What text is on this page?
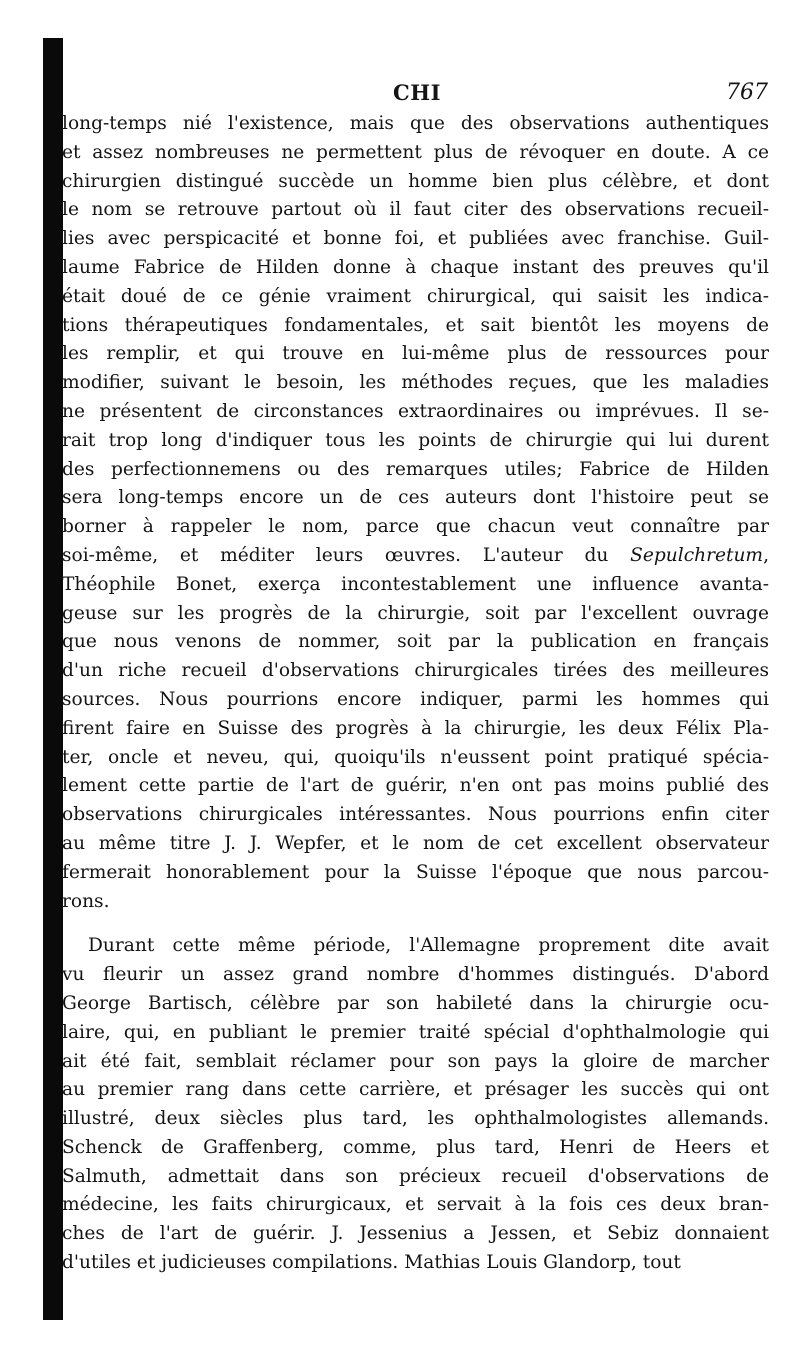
CHI	767
long-temps nié l'existence, mais que des observations authentiques
et assez nombreuses ne permettent plus de révoquer en doute. A ce
chirurgien distingué succède un homme bien plus célèbre, et dont
le nom se retrouve partout où il faut citer des observations recueil-
lies avec perspicacité et bonne foi, et publiées avec franchise. Guil-
laume Fabrice de Hilden donne à chaque instant des preuves qu'il
était doué de ce génie vraiment chirurgical, qui saisit les indica-
tions thérapeutiques fondamentales, et sait bientôt les moyens de
les remplir, et qui trouve en lui-même plus de ressources pour
modifier, suivant le besoin, les méthodes reçues, que les maladies
ne présentent de circonstances extraordinaires ou imprévues. Il se-
rait trop long d'indiquer tous les points de chirurgie qui lui durent
des perfectionnemens ou des remarques utiles; Fabrice de Hilden
sera long-temps encore un de ces auteurs dont l'histoire peut se
borner à rappeler le nom, parce que chacun veut connaître par
soi-même, et méditer leurs œuvres. L'auteur du Sepulchretum,
Théophile Bonet, exerça incontestablement une influence avanta-
geuse sur les progrès de la chirurgie, soit par l'excellent ouvrage
que nous venons de nommer, soit par la publication en français
d'un riche recueil d'observations chirurgicales tirées des meilleures
sources. Nous pourrions encore indiquer, parmi les hommes qui
firent faire en Suisse des progrès à la chirurgie, les deux Félix Pla-
ter, oncle et neveu, qui, quoiqu'ils n'eussent point pratiqué spécia-
lement cette partie de l'art de guérir, n'en ont pas moins publié des
observations chirurgicales intéressantes. Nous pourrions enfin citer
au même titre J. J. Wepfer, et le nom de cet excellent observateur
fermerait honorablement pour la Suisse l'époque que nous parcou-
rons.
Durant cette même période, l'Allemagne proprement dite avait
vu fleurir un assez grand nombre d'hommes distingués. D'abord
George Bartisch, célèbre par son habileté dans la chirurgie ocu-
laire, qui, en publiant le premier traité spécial d'ophthalmologie qui
ait été fait, semblait réclamer pour son pays la gloire de marcher
au premier rang dans cette carrière, et présager les succès qui ont
illustré, deux siècles plus tard, les ophthalmologistes allemands.
Schenck de Graffenberg, comme, plus tard, Henri de Heers et
Salmuth, admettait dans son précieux recueil d'observations de
médecine, les faits chirurgicaux, et servait à la fois ces deux bran-
ches de l'art de guérir. J. Jessenius a Jessen, et Sebiz donnaient
d'utiles et judicieuses compilations. Mathias Louis Glandorp, tout
